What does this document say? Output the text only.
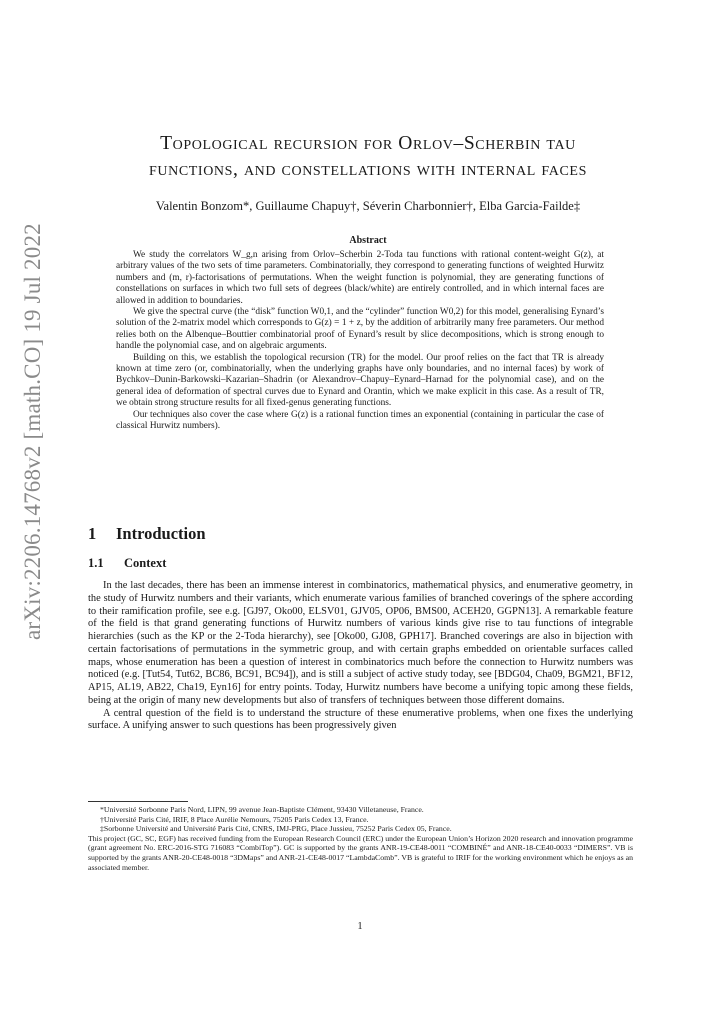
arXiv:2206.14768v2 [math.CO] 19 Jul 2022
Topological recursion for Orlov–Scherbin tau
functions, and constellations with internal faces
Valentin Bonzom*, Guillaume Chapuy†, Séverin Charbonnier†, Elba Garcia-Failde‡
Abstract

We study the correlators W_g,n arising from Orlov–Scherbin 2-Toda tau functions with rational content-weight G(z), at arbitrary values of the two sets of time parameters. Combinatorially, they correspond to generating functions of weighted Hurwitz numbers and (m, r)-factorisations of permutations. When the weight function is polynomial, they are generating functions of constellations on surfaces in which two full sets of degrees (black/white) are entirely controlled, and in which internal faces are allowed in addition to boundaries.

We give the spectral curve (the “disk” function W0,1, and the “cylinder” function W0,2) for this model, generalising Eynard’s solution of the 2-matrix model which corresponds to G(z) = 1 + z, by the addition of arbitrarily many free parameters. Our method relies both on the Albenque–Bouttier combinatorial proof of Eynard’s result by slice decompositions, which is strong enough to handle the polynomial case, and on algebraic arguments.

Building on this, we establish the topological recursion (TR) for the model. Our proof relies on the fact that TR is already known at time zero (or, combinatorially, when the underlying graphs have only boundaries, and no internal faces) by work of Bychkov–Dunin-Barkowski–Kazarian–Shadrin (or Alexandrov–Chapuy–Eynard–Harnad for the polynomial case), and on the general idea of deformation of spectral curves due to Eynard and Orantin, which we make explicit in this case. As a result of TR, we obtain strong structure results for all fixed-genus generating functions.

Our techniques also cover the case where G(z) is a rational function times an exponential (containing in particular the case of classical Hurwitz numbers).

1 Introduction
1.1 Context

In the last decades, there has been an immense interest in combinatorics, mathematical physics, and enumerative geometry, in the study of Hurwitz numbers and their variants, which enumerate various families of branched coverings of the sphere according to their ramification profile, see e.g. [GJ97, Oko00, ELSV01, GJV05, OP06, BMS00, ACEH20, GGPN13]. A remarkable feature of the field is that grand generating functions of Hurwitz numbers of various kinds give rise to tau functions of integrable hierarchies (such as the KP or the 2-Toda hierarchy), see [Oko00, GJ08, GPH17]. Branched coverings are also in bijection with certain factorisations of permutations in the symmetric group, and with certain graphs embedded on orientable surfaces called maps, whose enumeration has been a question of interest in combinatorics much before the connection to Hurwitz numbers was noticed (e.g. [Tut54, Tut62, BC86, BC91, BC94]), and is still a subject of active study today, see [BDG04, Cha09, BGM21, BF12, AP15, AL19, AB22, Cha19, Eyn16] for entry points. Today, Hurwitz numbers have become a unifying topic among these fields, being at the origin of many new developments but also of transfers of techniques between those different domains.

A central question of the field is to understand the structure of these enumerative problems, when one fixes the underlying surface. A unifying answer to such questions has been progressively given

*Université Sorbonne Paris Nord, LIPN, 99 avenue Jean-Baptiste Clément, 93430 Villetaneuse, France.

†Université Paris Cité, IRIF, 8 Place Aurélie Nemours, 75205 Paris Cedex 13, France.

‡Sorbonne Université and Université Paris Cité, CNRS, IMJ-PRG, Place Jussieu, 75252 Paris Cedex 05, France.

This project (GC, SC, EGF) has received funding from the European Research Council (ERC) under the European Union’s Horizon 2020 research and innovation programme (grant agreement No. ERC-2016-STG 716083 “CombiTop”). GC is supported by the grants ANR-19-CE48-0011 “COMBINÉ” and ANR-18-CE40-0033 “DIMERS”. VB is supported by the grants ANR-20-CE48-0018 “3DMaps” and ANR-21-CE48-0017 “LambdaComb”. VB is grateful to IRIF for the working environment which he enjoys as an associated member.

1
